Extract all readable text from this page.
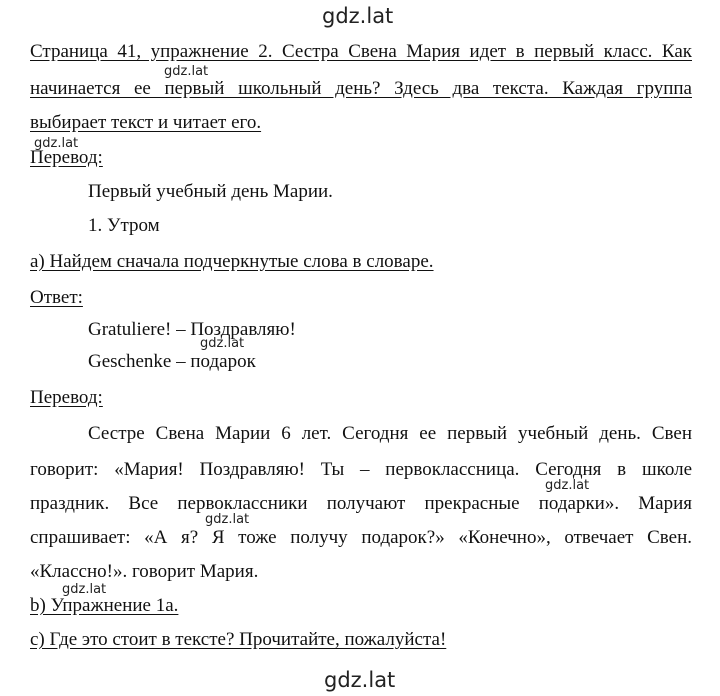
gdz.lat
Страница 41, упражнение 2. Сестра Свена Мария идет в первый класс. Как
начинается ее первый школьный день? Здесь два текста. Каждая группа
выбирает текст и читает его.
gdz.lat
gdz.lat
Перевод:
Первый учебный день Марии.
1. Утром
а) Найдем сначала подчеркнутые слова в словаре.
Ответ:
Gratuliere! – Поздравляю!
gdz.lat
Geschenke – подарок
Перевод:
Сестре Свена Марии 6 лет. Сегодня ее первый учебный день. Свен
говорит: «Мария! Поздравляю! Ты – первоклассница. Сегодня в школе
gdz.lat
праздник. Все первоклассники получают прекрасные подарки». Мария
gdz.lat
спрашивает: «А я? Я тоже получу подарок?» «Конечно», отвечает Свен.
«Классно!». говорит Мария.
gdz.lat
b) Упражнение 1а.
с) Где это стоит в тексте? Прочитайте, пожалуйста!
gdz.lat
